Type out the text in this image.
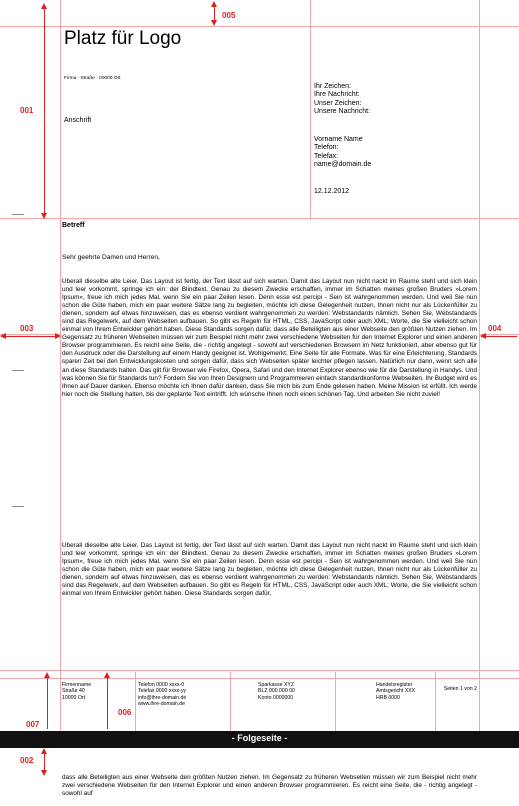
001
005
003	004
007
006
002
Platz für Logo
Firma · Straße · 00000 Ort
Anschrift
Ihr Zeichen:
Ihre Nachricht:
Unser Zeichen:
Unsere Nachricht:
Vorname Name
Telefon:
Telefax:
name@domain.de
12.12.2012
Betreff
Sehr geehrte Damen und Herren,
Überall dieselbe alte Leier. Das Layout ist fertig, der Text lässt auf sich warten. Damit das Layout nun nicht nackt im Raume steht und sich klein und leer vorkommt, springe ich ein: der Blindtext. Genau zu diesem Zwecke erschaffen, immer im Schatten meines großen Bruders »Lorem Ipsum«, freue ich mich jedes Mal, wenn Sie ein paar Zeilen lesen. Denn esse est percipi - Sein ist wahrgenommen werden. Und weil Sie nun schon die Güte haben, mich ein paar weitere Sätze lang zu begleiten, möchte ich diese Gelegenheit nutzen, Ihnen nicht nur als Lückenfüller zu dienen, sondern auf etwas hinzuweisen, das es ebenso verdient wahrgenommen zu werden: Webstandards nämlich. Sehen Sie, Webstandards sind das Regelwerk, auf dem Webseiten aufbauen. So gibt es Regeln für HTML, CSS, JavaScript oder auch XML; Worte, die Sie vielleicht schon einmal von Ihrem Entwickler gehört haben. Diese Standards sorgen dafür, dass alle Beteiligten aus einer Webseite den größten Nutzen ziehen. Im Gegensatz zu früheren Webseiten müssen wir zum Beispiel nicht mehr zwei verschiedene Webseiten für den Internet Explorer und einen anderen Browser programmieren. Es reicht eine Seite, die - richtig angelegt - sowohl auf verschiedenen Browsern im Netz funktioniert, aber ebenso gut für den Ausdruck oder die Darstellung auf einem Handy geeignet ist. Wohlgemerkt: Eine Seite für alle Formate. Was für eine Erleichterung. Standards sparen Zeit bei den Entwicklungskosten und sorgen dafür, dass sich Webseiten später leichter pflegen lassen. Natürlich nur dann, wenn sich alle an diese Standards halten. Das gilt für Browser wie Firefox, Opera, Safari und den Internet Explorer ebenso wie für die Darstellung in Handys. Und was können Sie für Standards tun? Fordern Sie von Ihren Designern und Programmieren einfach standardkonforme Webseiten. Ihr Budget wird es Ihnen auf Dauer danken. Ebenso möchte ich Ihnen dafür danken, dass Sie mich bis zum Ende gelesen haben. Meine Mission ist erfüllt. Ich werde hier noch die Stellung halten, bis der geplante Text eintrifft. Ich wünsche Ihnen noch einen schönen Tag. Und arbeiten Sie nicht zuviel!
Überall dieselbe alte Leier. Das Layout ist fertig, der Text lässt auf sich warten. Damit das Layout nun nicht nackt im Raume steht und sich klein und leer vorkommt, springe ich ein: der Blindtext. Genau zu diesem Zwecke erschaffen, immer im Schatten meines großen Bruders »Lorem Ipsum«, freue ich mich jedes Mal, wenn Sie ein paar Zeilen lesen. Denn esse est percipi - Sein ist wahrgenommen werden. Und weil Sie nun schon die Güte haben, mich ein paar weitere Sätze lang zu begleiten, möchte ich diese Gelegenheit nutzen, Ihnen nicht nur als Lückenfüller zu dienen, sondern auf etwas hinzuweisen, das es ebenso verdient wahrgenommen zu werden: Webstandards nämlich. Sehen Sie, Webstandards sind das Regelwerk, auf dem Webseiten aufbauen. So gibt es Regeln für HTML, CSS, JavaScript oder auch XML; Worte, die Sie vielleicht schon einmal von Ihrem Entwickler gehört haben. Diese Standards sorgen dafür,
Seiten 1 von 2
Firmenname
Straße 40
10000 Ort
Telefon 0000 xxxx-0
Telefax 0000 xxxx-yy
info@ihre-domain.de
www.ihre-domain.de
Sparkasse XYZ
BLZ 000 000 00
Konto 0000000
Handelsregister
Amtsgericht XXX
HRB 0000
- Folgeseite -
dass alle Beteiligten aus einer Webseite den größten Nutzen ziehen. Im Gegensatz zu früheren Webseiten müssen wir zum Beispiel nicht mehr zwei verschiedene Webseiten für den Internet Explorer und einen anderen Browser programmieren. Es reicht eine Seite, die - richtig angelegt - sowohl auf
